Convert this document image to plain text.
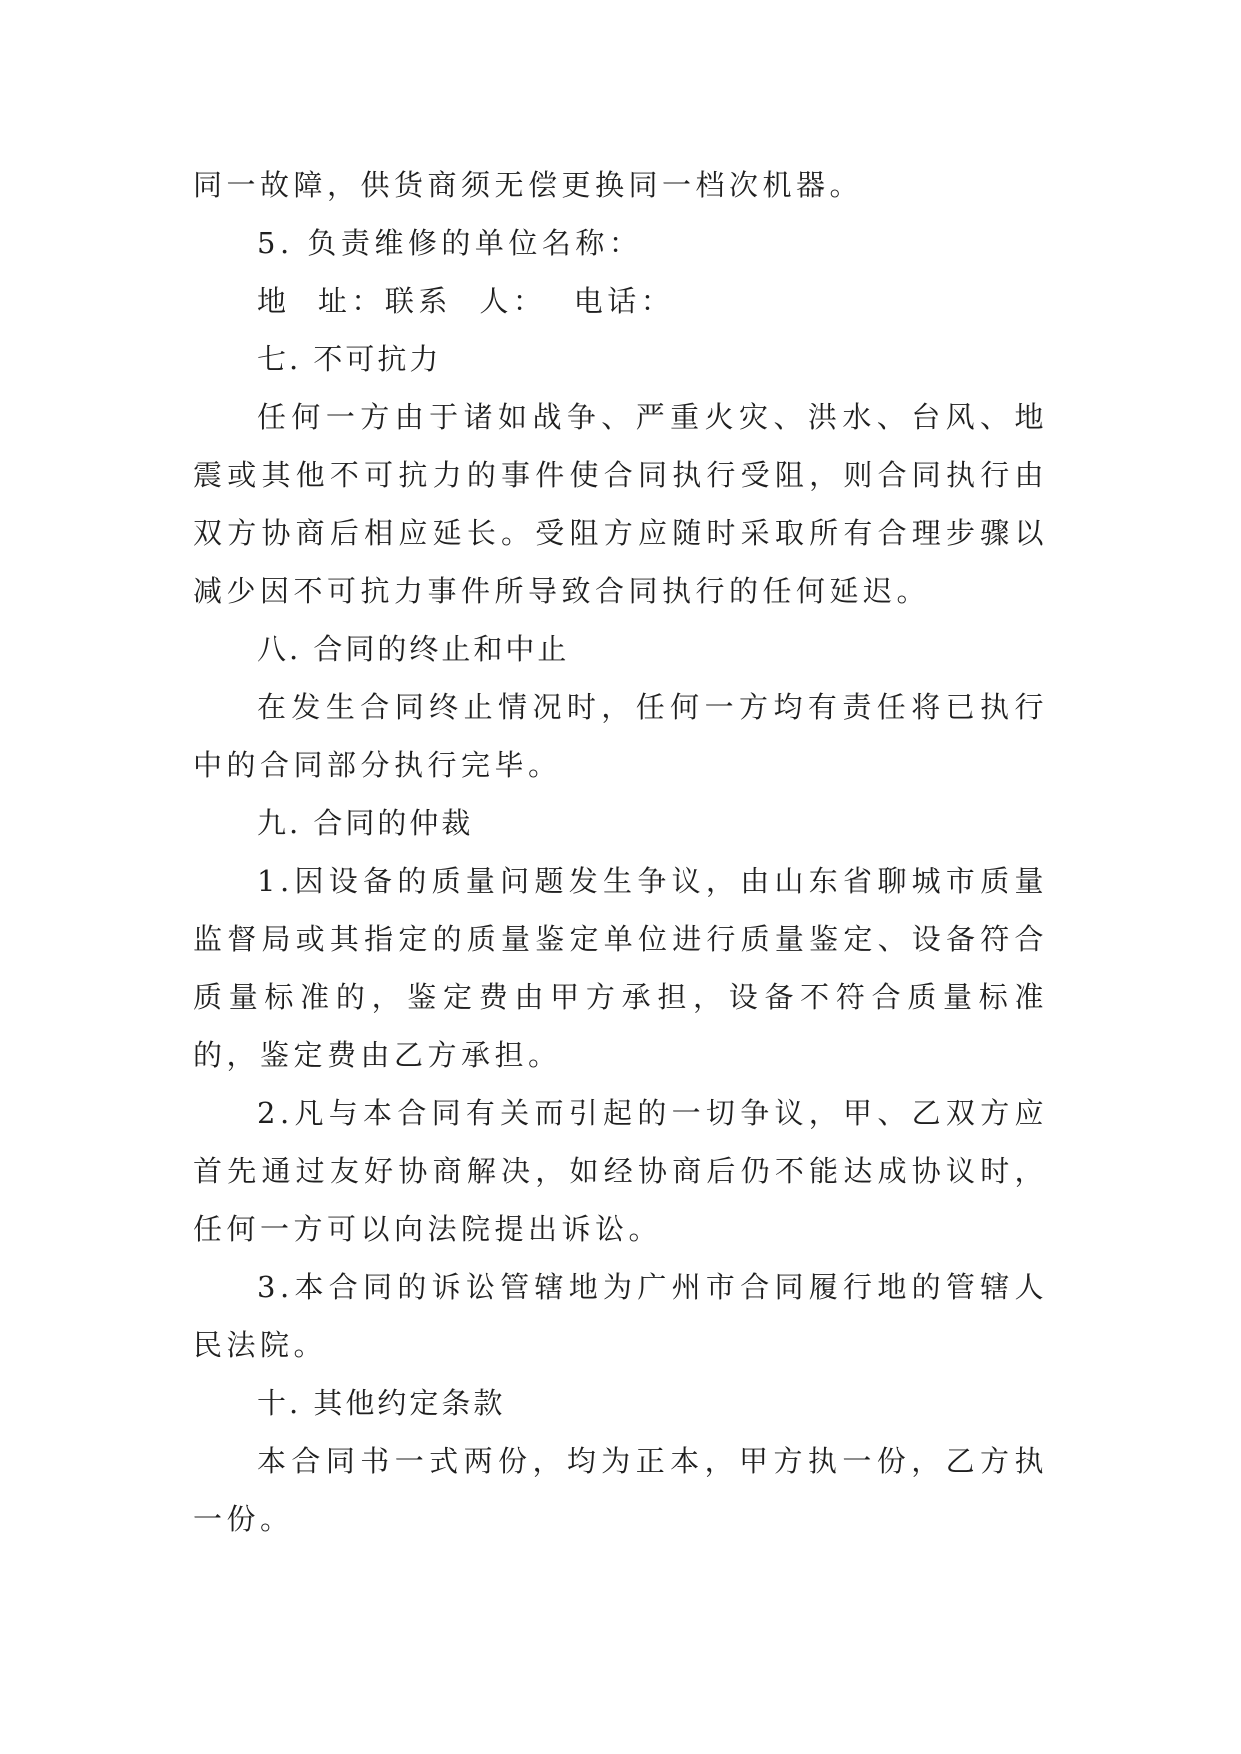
同一故障，供货商须无偿更换同一档次机器。

5. 负责维修的单位名称：

地  址：联系  人：  电话：

七. 不可抗力

任何一方由于诸如战争、严重火灾、洪水、台风、地震或其他不可抗力的事件使合同执行受阻，则合同执行由双方协商后相应延长。受阻方应随时采取所有合理步骤以减少因不可抗力事件所导致合同执行的任何延迟。

八. 合同的终止和中止

在发生合同终止情况时，任何一方均有责任将已执行中的合同部分执行完毕。

九. 合同的仲裁

1.因设备的质量问题发生争议，由山东省聊城市质量监督局或其指定的质量鉴定单位进行质量鉴定、设备符合质量标准的，鉴定费由甲方承担，设备不符合质量标准的，鉴定费由乙方承担。

2.凡与本合同有关而引起的一切争议，甲、乙双方应首先通过友好协商解决，如经协商后仍不能达成协议时，任何一方可以向法院提出诉讼。

3.本合同的诉讼管辖地为广州市合同履行地的管辖人民法院。

十. 其他约定条款

本合同书一式两份，均为正本，甲方执一份，乙方执一份。
